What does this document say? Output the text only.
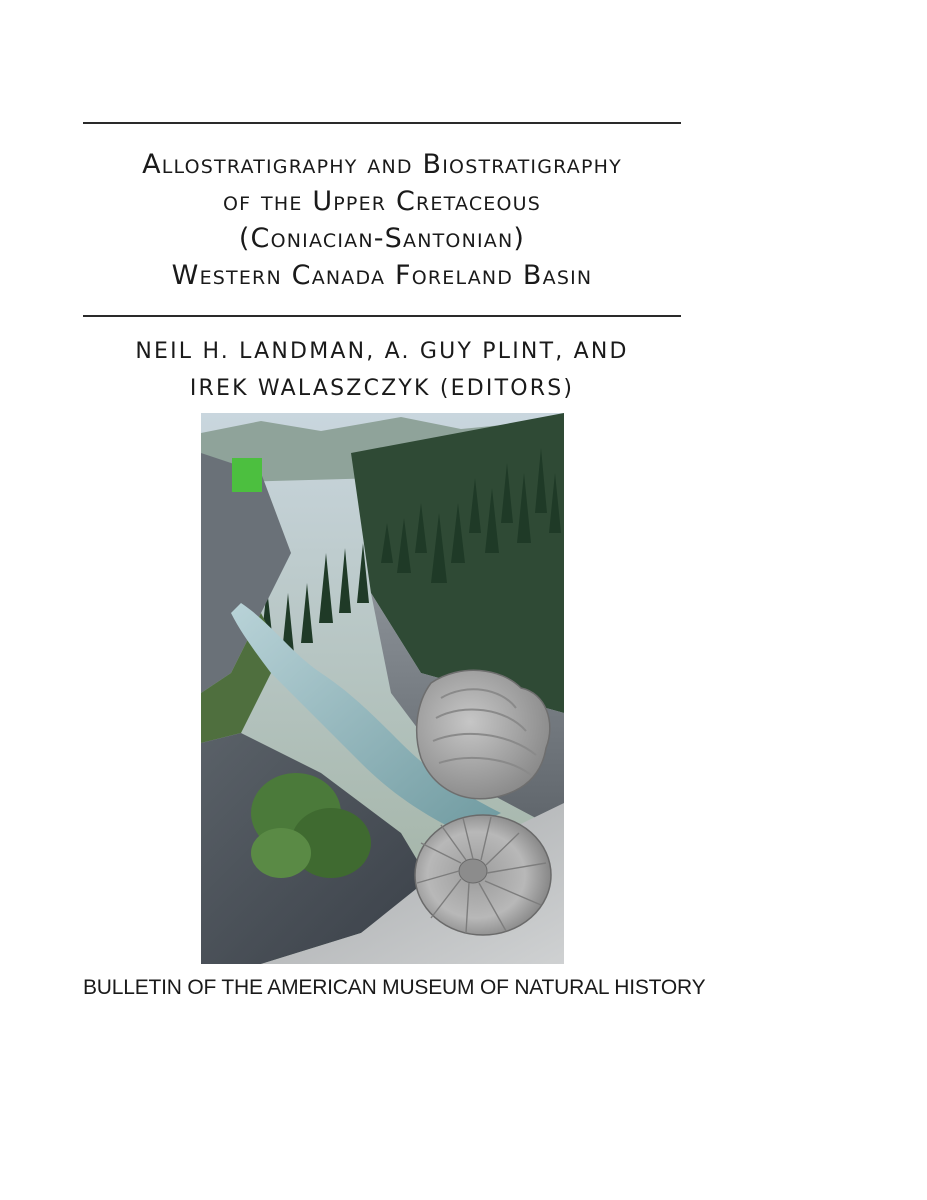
Allostratigraphy and Biostratigraphy
of the Upper Cretaceous
(Coniacian-Santonian)
Western Canada Foreland Basin
NEIL H. LANDMAN, A. GUY PLINT, AND
IREK WALASZCZYK (EDITORS)
BULLETIN OF THE AMERICAN MUSEUM OF NATURAL HISTORY
